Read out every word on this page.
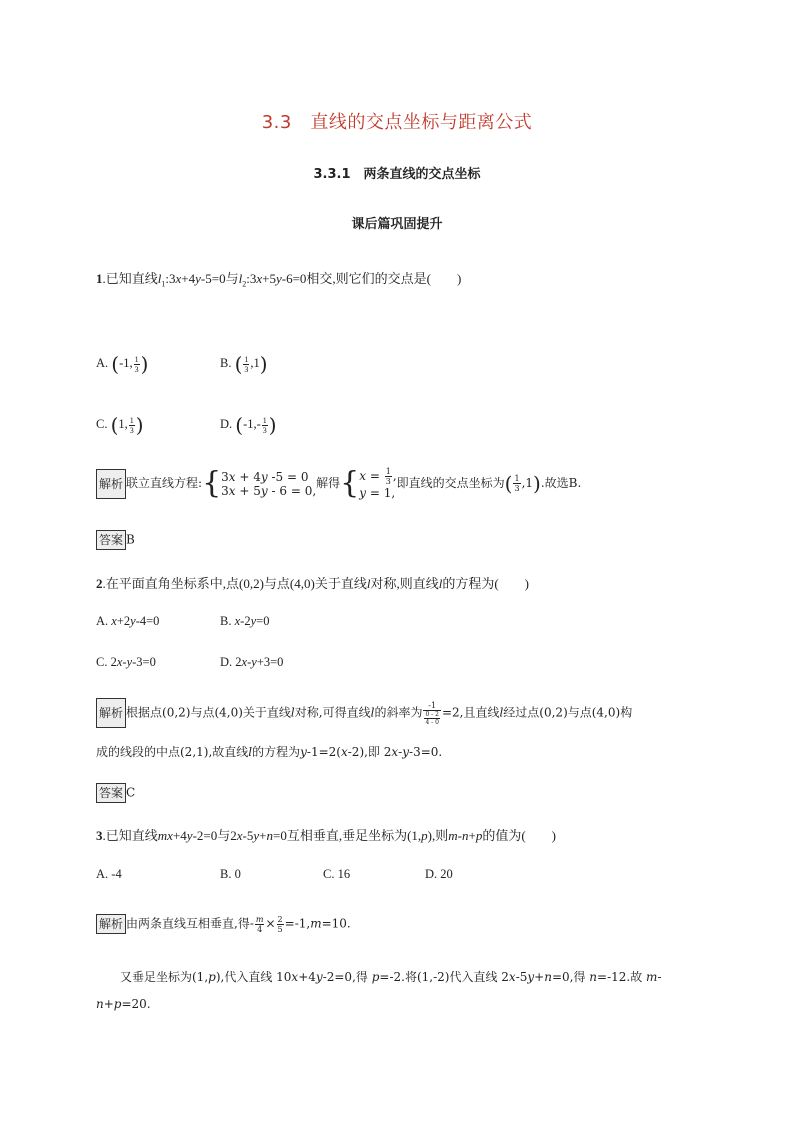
3.3　直线的交点坐标与距离公式
3.3.1　两条直线的交点坐标
课后篇巩固提升
1.已知直线$l_1:3x+4y-5=0$与$l_2:3x+5y-6=0$相交,则它们的交点是(　　)
A. (-1, $\frac{1}{3}$ )	B. ( $\frac{1}{3} ,1$)
C. (1, $\frac{1}{3}$ )	D. ($-1,- \frac{1}{3}$ )
解析 联立直线方程:{3x + 4y -5 = 0
3x + 5y - 6 = 0,解得{$x = \frac{1}{3}$ ,
y = 1,即直线的交点坐标为( $\frac{1}{3} ,1$).故选B.
答案 B
2.在平面直角坐标系中,点(0,2)与点(4,0)关于直线l对称,则直线l的方程为(　　)
A. x+2y-4=0	B. x-2y=0
C. 2x-y-3=0	D. 2x-y+3=0
解析 根据点(0,2)与点(4,0)关于直线l对称,可得直线l的斜率为 $\frac{-1}{\frac{0 - 2}{4 - 0}} =2$,且直线l经过点(0,2)与点(4,0)构
成的线段的中点(2,1),故直线l的方程为y-1=2(x-2),即 2x-y-3=0.
答案 C
3.已知直线mx+4y-2=0与2x-5y+n=0互相垂直,垂足坐标为(1,p),则m-n+p的值为(　　)
A. -4	B. 0	C. 16	D. 20
解析 由两条直线互相垂直,得- $\frac{m}{4} \times \frac{2}{5} =-1,m=10$.
又垂足坐标为(1,p),代入直线 10x+4y-2=0,得 p=-2.将(1,-2)代入直线 2x-5y+n=0,得 n=-12.故 m-
n+p=20.
